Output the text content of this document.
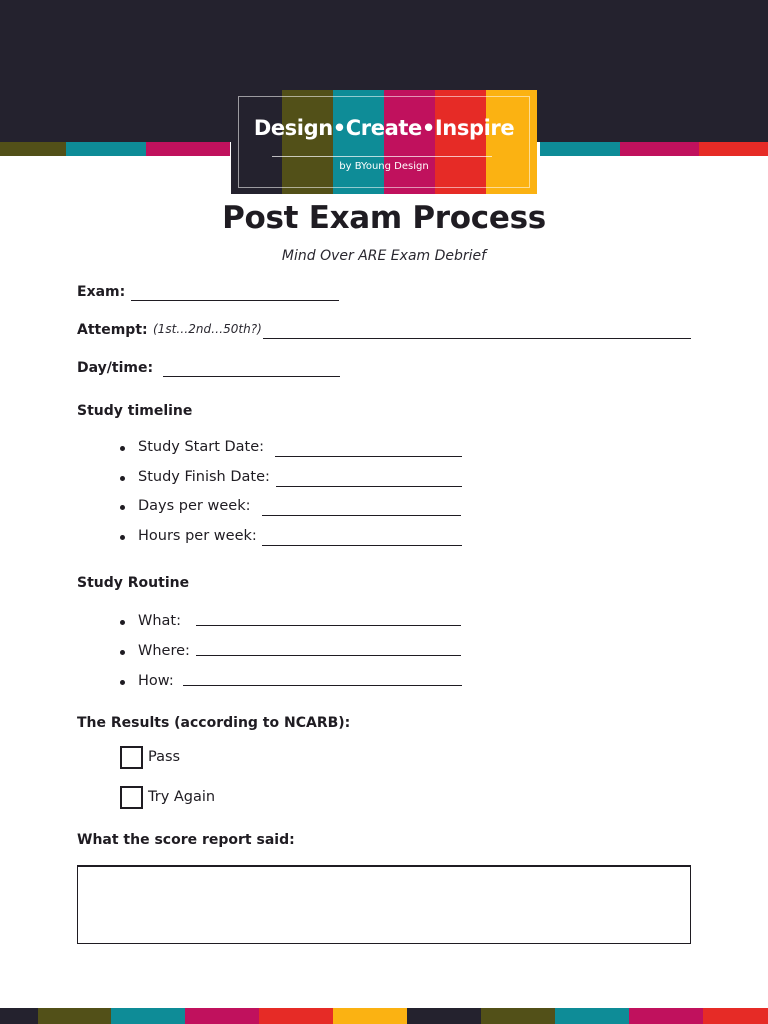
Design•Create•Inspire
by BYoung Design
Post Exam Process
Mind Over ARE Exam Debrief
Exam:
Attempt: (1st…2nd…50th?)
Day/time:
Study timeline
Study Start Date:
Study Finish Date:
Days per week:
Hours per week:
Study Routine
What:
Where:
How:
The Results (according to NCARB):
Pass
Try Again
What the score report said:
